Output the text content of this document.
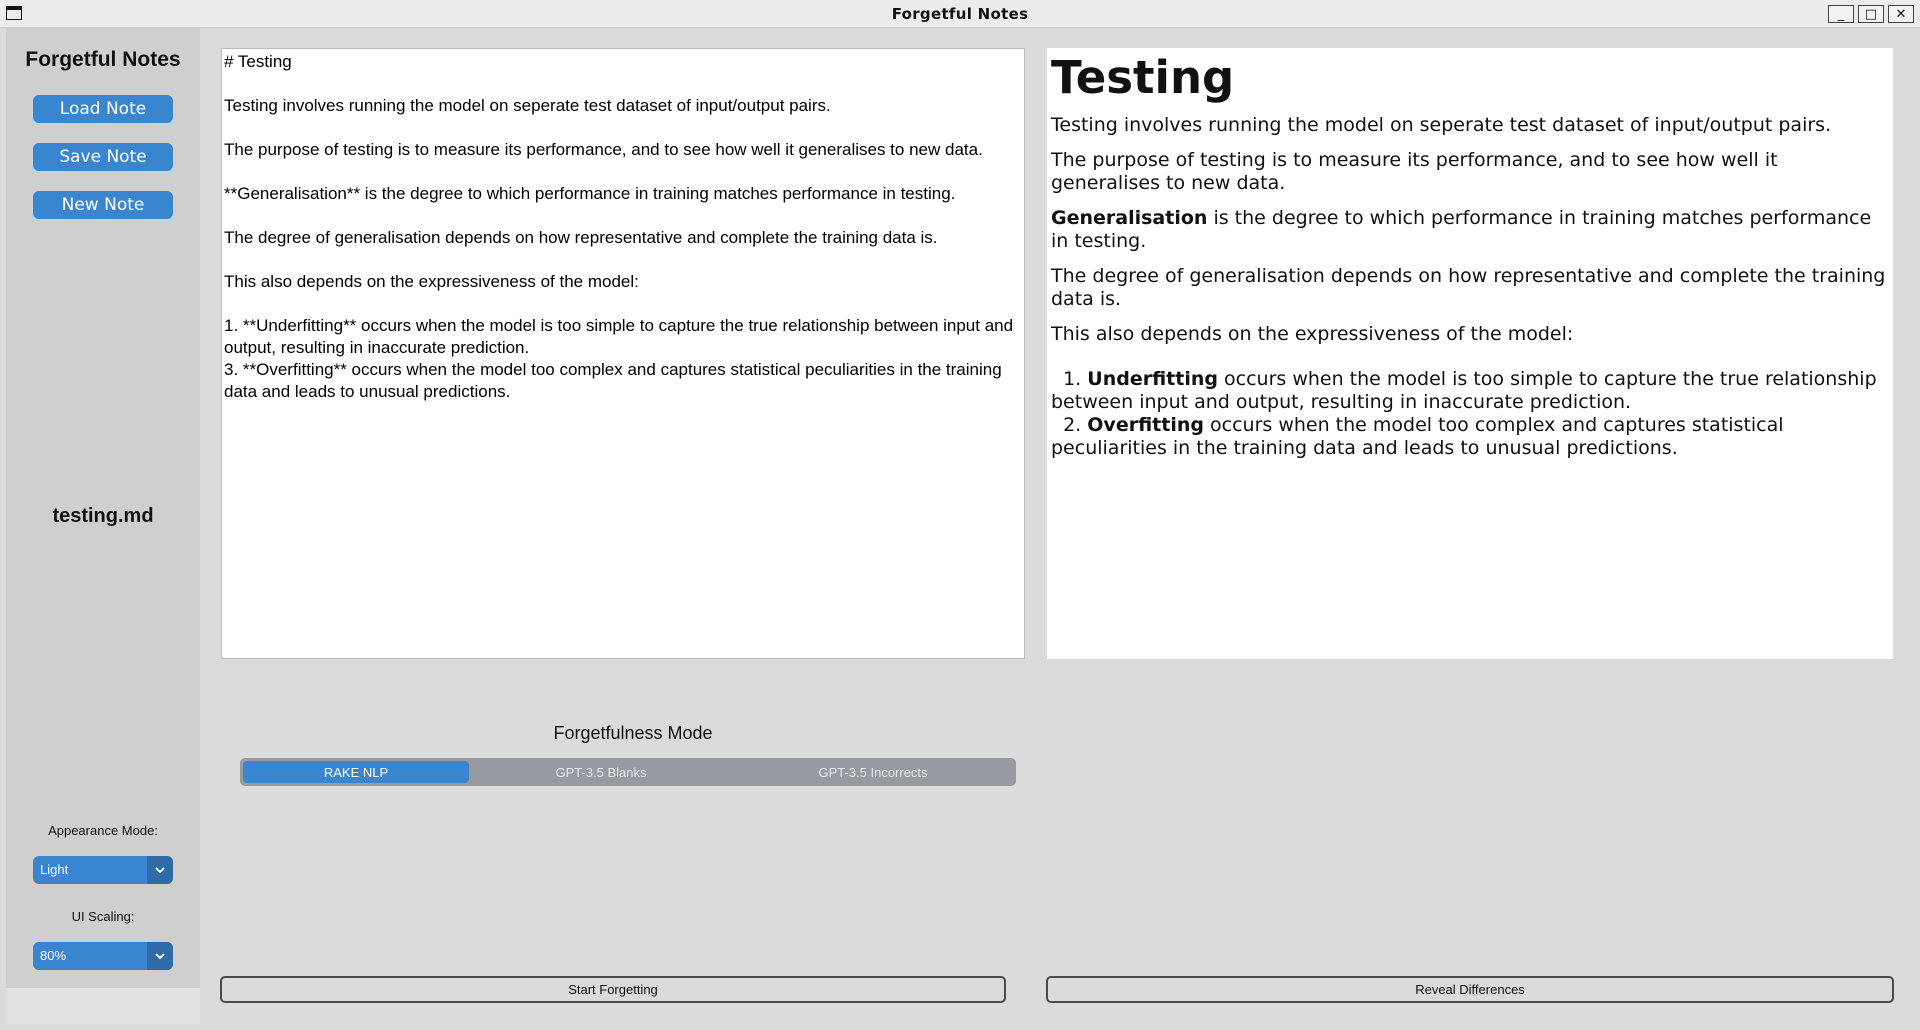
Forgetful Notes	_	□	✕
Forgetful Notes
Load Note
Save Note
New Note
testing.md
Appearance Mode:
Light
UI Scaling:
80%

# Testing

Testing involves running the model on seperate test dataset of input/output pairs.

The purpose of testing is to measure its performance, and to see how well it generalises to new data.

**Generalisation** is the degree to which performance in training matches performance in testing.

The degree of generalisation depends on how representative and complete the training data is.

This also depends on the expressiveness of the model:

1. **Underfitting** occurs when the model is too simple to capture the true relationship between input and output, resulting in inaccurate prediction.

3. **Overfitting** occurs when the model too complex and captures statistical peculiarities in the training data and leads to unusual predictions.

Testing

Testing involves running the model on seperate test dataset of input/output pairs.

The purpose of testing is to measure its performance, and to see how well it generalises to new data.

Generalisation is the degree to which performance in training matches performance in testing.

The degree of generalisation depends on how representative and complete the training data is.

This also depends on the expressiveness of the model:

1. Underfitting occurs when the model is too simple to capture the true relationship between input and output, resulting in inaccurate prediction.
2. Overfitting occurs when the model too complex and captures statistical peculiarities in the training data and leads to unusual predictions.
Forgetfulness Mode
RAKE NLP	GPT-3.5 Blanks	GPT-3.5 Incorrects
Start Forgetting	Reveal Differences
